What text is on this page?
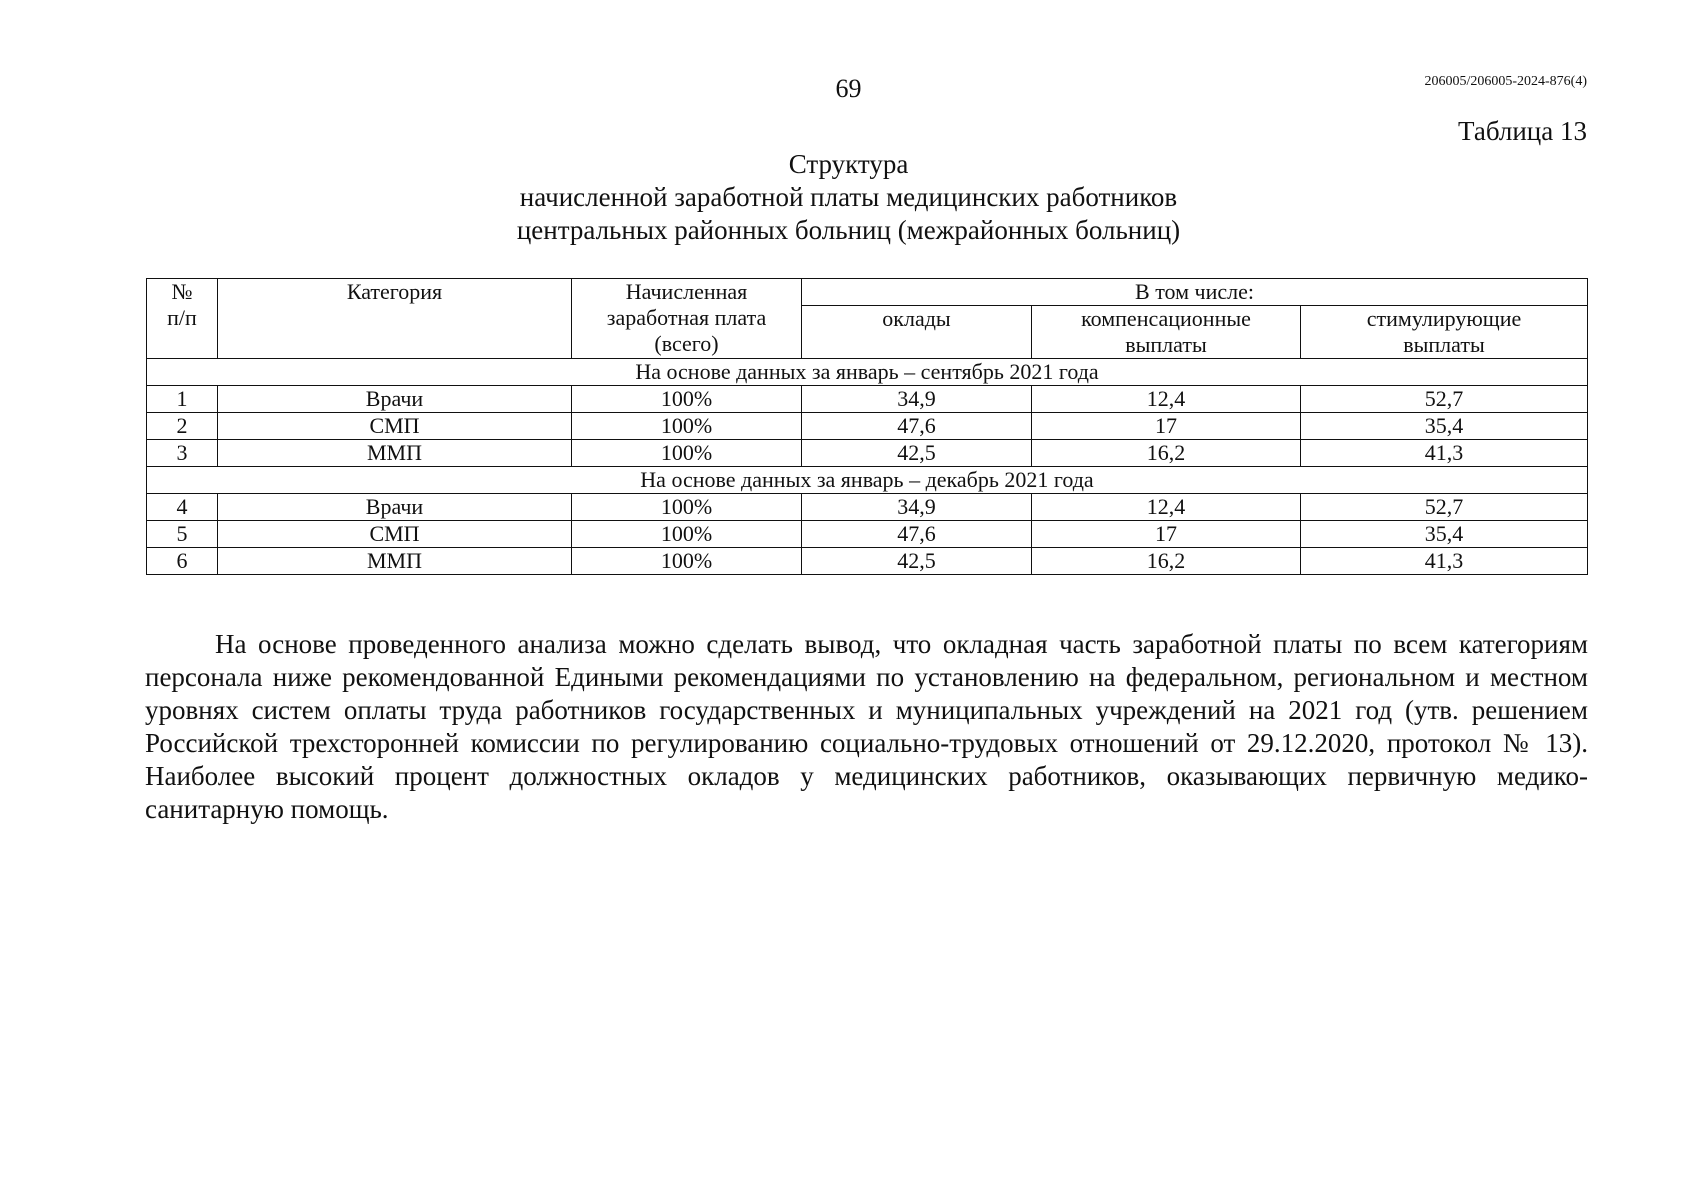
69	206005/206005-2024-876(4)
Таблица 13
Структура
начисленной заработной платы медицинских работников
центральных районных больниц (межрайонных больниц)
№ п/п	Категория	Начисленная заработная плата (всего)	В том числе:		
			оклады	компенсационные выплаты	стимулирующие выплаты
На основе данных за январь – сентябрь 2021 года					
1	Врачи	100%	34,9	12,4	52,7
2	СМП	100%	47,6	17	35,4
3	ММП	100%	42,5	16,2	41,3
На основе данных за январь – декабрь 2021 года					
4	Врачи	100%	34,9	12,4	52,7
5	СМП	100%	47,6	17	35,4
6	ММП	100%	42,5	16,2	41,3
На основе проведенного анализа можно сделать вывод, что окладная часть заработной платы по всем категориям персонала ниже рекомендованной Едиными рекомендациями по установлению на федеральном, региональном и местном уровнях систем оплаты труда работников государственных и муниципальных учреждений на 2021 год (утв. решением Российской трехсторонней комиссии по регулированию социально-трудовых отношений от 29.12.2020, протокол № 13). Наиболее высокий процент должностных окладов у медицинских работников, оказывающих первичную медико-санитарную помощь.
